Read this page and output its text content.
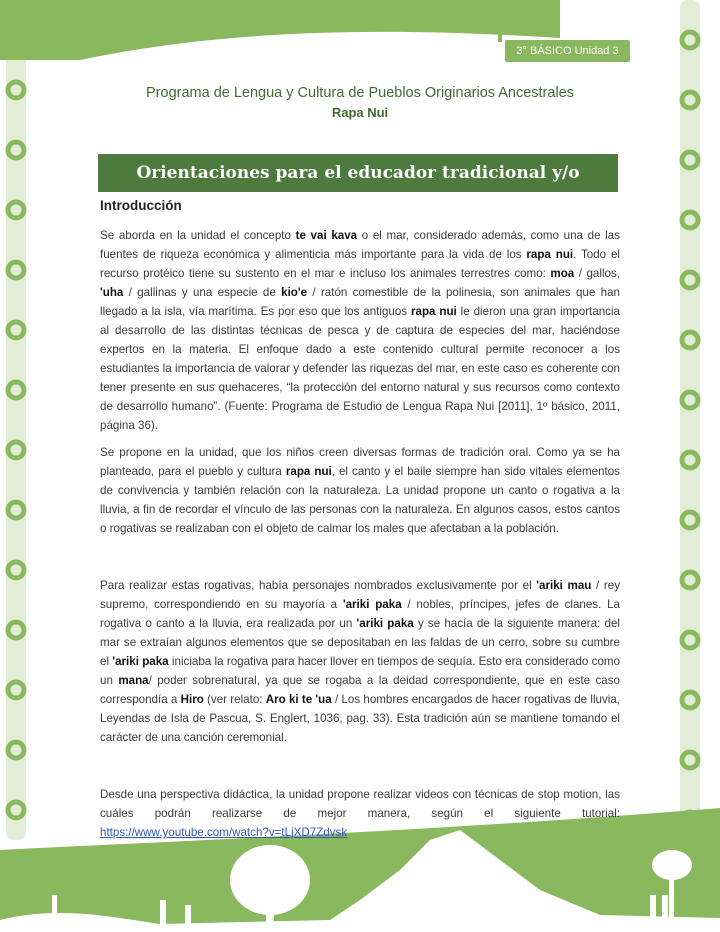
3° BÁSICO Unidad 3
Programa de Lengua y Cultura de Pueblos Originarios Ancestrales
Rapa Nui
Orientaciones para el educador tradicional y/o docente
Introducción
Se aborda en la unidad el concepto te vai kava o el mar, considerado además, como una de las fuentes de riqueza económica y alimenticia más importante para la vida de los rapa nui. Todo el recurso protéico tiene su sustento en el mar e incluso los animales terrestres como: moa / gallos, 'uha / gallinas y una especie de kio'e / ratón comestible de la polinesia, son animales que han llegado a la isla, vía marítima. Es por eso que los antiguos rapa nui le dieron una gran importancia al desarrollo de las distintas técnicas de pesca y de captura de especies del mar, haciéndose expertos en la materia. El enfoque dado a este contenido cultural permite reconocer a los estudiantes la importancia de valorar y defender las riquezas del mar, en este caso es coherente con tener presente en sus quehaceres, “la protección del entorno natural y sus recursos como contexto de desarrollo humano”. (Fuente: Programa de Estudio de Lengua Rapa Nui [2011], 1º básico, 2011, página 36).
Se propone en la unidad, que los niños creen diversas formas de tradición oral. Como ya se ha planteado, para el pueblo y cultura rapa nui, el canto y el baile siempre han sido vitales elementos de convivencia y también relación con la naturaleza. La unidad propone un canto o rogativa a la lluvia, a fin de recordar el vínculo de las personas con la naturaleza. En algunos casos, estos cantos o rogativas se realizaban con el objeto de calmar los males que afectaban a la población.
Para realizar estas rogativas, había personajes nombrados exclusivamente por el 'ariki mau / rey supremo, correspondiendo en su mayoría a 'ariki paka / nobles, príncipes, jefes de clanes. La rogativa o canto a la lluvia, era realizada por un 'ariki paka y se hacía de la siguiente manera: del mar se extraían algunos elementos que se depositaban en las faldas de un cerro, sobre su cumbre el 'ariki paka iniciaba la rogativa para hacer llover en tiempos de sequía. Esto era considerado como un mana/ poder sobrenatural, ya que se rogaba a la deidad correspondiente, que en este caso correspondía a Hiro (ver relato: Aro ki te 'ua / Los hombres encargados de hacer rogativas de lluvia, Leyendas de Isla de Pascua, S. Englert, 1036, pag. 33). Esta tradición aún se mantiene tomando el carácter de una canción ceremonial.
Desde una perspectiva didáctica, la unidad propone realizar videos con técnicas de stop motion, las cuáles podrán realizarse de mejor manera, según el siguiente tutorial: https://www.youtube.com/watch?v=tLjXD7Zdvsk
